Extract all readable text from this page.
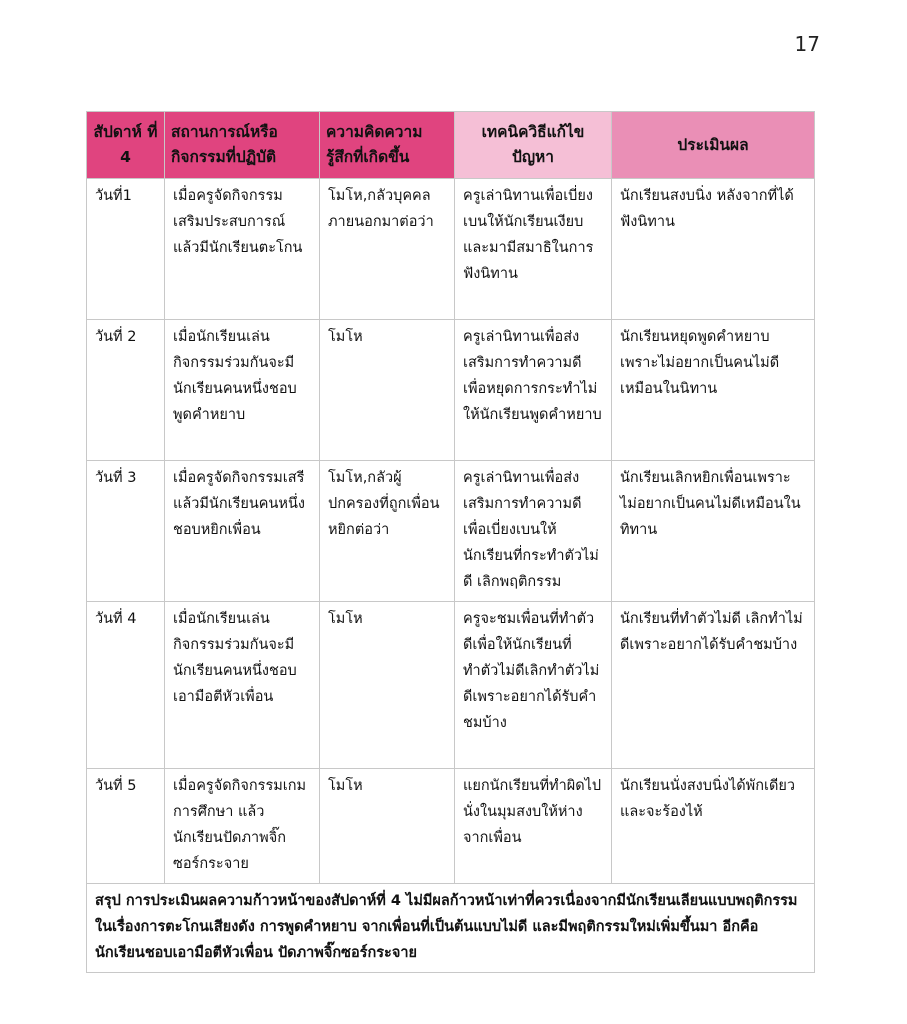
17
สัปดาห์ ที่ 4	สถานการณ์หรือ กิจกรรมที่ปฏิบัติ	ความคิดความ รู้สึกที่เกิดขึ้น	เทคนิควิธีแก้ไข ปัญหา	ประเมินผล
วันที่1	เมื่อครูจัดกิจกรรมเสริมประสบการณ์แล้วมีนักเรียนตะโกน	โมโห,กลัวบุคคลภายนอกมาต่อว่า	ครูเล่านิทานเพื่อเบี่ยงเบนให้นักเรียนเงียบและมามีสมาธิในการฟังนิทาน	นักเรียนสงบนิ่ง หลังจากที่ได้ฟังนิทาน
วันที่ 2	เมื่อนักเรียนเล่นกิจกรรมร่วมกันจะมีนักเรียนคนหนึ่งชอบพูดคำหยาบ	โมโห	ครูเล่านิทานเพื่อส่งเสริมการทำความดีเพื่อหยุดการกระทำไม่ให้นักเรียนพูดคำหยาบ	นักเรียนหยุดพูดคำหยาบเพราะไม่อยากเป็นคนไม่ดีเหมือนในนิทาน
วันที่ 3	เมื่อครูจัดกิจกรรมเสรีแล้วมีนักเรียนคนหนึ่งชอบหยิกเพื่อน	โมโห,กลัวผู้ปกครองที่ถูกเพื่อนหยิกต่อว่า	ครูเล่านิทานเพื่อส่งเสริมการทำความดีเพื่อเบี่ยงเบนให้นักเรียนที่กระทำตัวไม่ดี เลิกพฤติกรรม	นักเรียนเลิกหยิกเพื่อนเพราะไม่อยากเป็นคนไม่ดีเหมือนในทิทาน
วันที่ 4	เมื่อนักเรียนเล่นกิจกรรมร่วมกันจะมีนักเรียนคนหนึ่งชอบเอามือตีหัวเพื่อน	โมโห	ครูจะชมเพื่อนที่ทำตัวดีเพื่อให้นักเรียนที่ทำตัวไม่ดีเลิกทำตัวไม่ดีเพราะอยากได้รับคำชมบ้าง	นักเรียนที่ทำตัวไม่ดี เลิกทำไม่ดีเพราะอยากได้รับคำชมบ้าง
วันที่ 5	เมื่อครูจัดกิจกรรมเกมการศึกษา แล้วนักเรียนปัดภาพจิ๊กซอร์กระจาย	โมโห	แยกนักเรียนที่ทำผิดไปนั่งในมุมสงบให้ห่างจากเพื่อน	นักเรียนนั่งสงบนิ่งได้พักเดียวและจะร้องไห้
สรุป การประเมินผลความก้าวหน้าของสัปดาห์ที่ 4 ไม่มีผลก้าวหน้าเท่าที่ควรเนื่องจากมีนักเรียนเลียนแบบพฤติกรรมในเรื่องการตะโกนเสียงดัง การพูดคำหยาบ จากเพื่อนที่เป็นต้นแบบไม่ดี และมีพฤติกรรมใหม่เพิ่มขึ้นมา อีกคือ นักเรียนชอบเอามือตีหัวเพื่อน ปัดภาพจิ๊กซอร์กระจาย				
